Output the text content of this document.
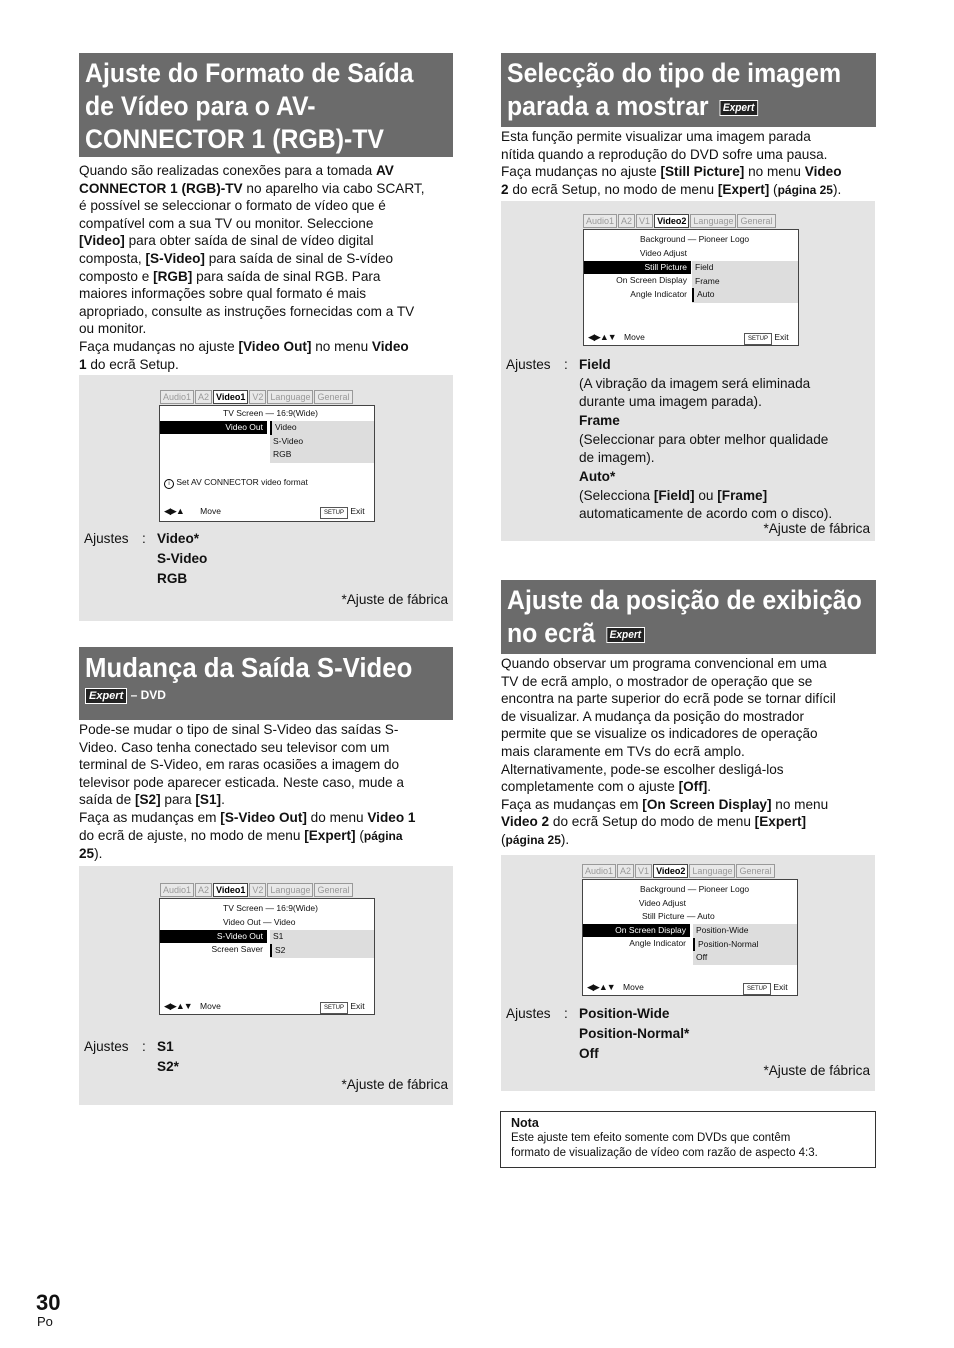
Ajuste do Formato de Saída
de Vídeo para o AV-
CONNECTOR 1 (RGB)-TV
Quando são realizadas conexões para a tomada AV
CONNECTOR 1 (RGB)-TV no aparelho via cabo SCART,
é possível se seleccionar o formato de vídeo que é
compatível com a sua TV ou monitor. Seleccione
[Video] para obter saída de sinal de vídeo digital
composta, [S-Video] para saída de sinal de S-vídeo
composto e [RGB] para saída de sinal RGB. Para
maiores informações sobre qual formato é mais
apropriado, consulte as instruções fornecidas com a TV
ou monitor.
Faça mudanças no ajuste [Video Out] no menu Video
1 do ecrã Setup.
Audio1 A2 Video1 V2 Language General
TV Screen — 16:9(Wide)
Video Out	Video
S-Video
RGB
i Set AV CONNECTOR video format
◀▶▲ Move	SETUP Exit
Ajustes : Video*
S-Video
RGB
*Ajuste de fábrica
Mudança da Saída S-Video
Expert – DVD
Pode-se mudar o tipo de sinal S-Video das saídas S-
Video. Caso tenha conectado seu televisor com um
terminal de S-Video, em raras ocasiões a imagem do
televisor pode aparecer esticada. Neste caso, mude a
saída de [S2] para [S1].
Faça as mudanças em [S-Video Out] do menu Video 1
do ecrã de ajuste, no modo de menu [Expert] (página
25).
Audio1 A2 Video1 V2 Language General
TV Screen — 16:9(Wide)
Video Out — Video
S-Video Out
Screen Saver
S1
S2
◀▶▲▼ Move	SETUP Exit
Ajustes : S1
S2*
*Ajuste de fábrica
Selecção do tipo de imagem
parada a mostrar Expert
Esta função permite visualizar uma imagem parada
nítida quando a reprodução do DVD sofre uma pausa.
Faça mudanças no ajuste [Still Picture] no menu Video
2 do ecrã Setup, no modo de menu [Expert] (página 25).
Audio1 A2 V1 Video2 Language General
Background — Pioneer Logo
Video Adjust
Still Picture
On Screen Display
Angle Indicator
Field
Frame
Auto
◀▶▲▼ Move	SETUP Exit
Ajustes : Field
(A vibração da imagem será eliminada
durante uma imagem parada).
Frame
(Seleccionar para obter melhor qualidade
de imagem).
Auto*
(Selecciona [Field] ou [Frame]
automaticamente de acordo com o disco).
*Ajuste de fábrica
Ajuste da posição de exibição
no ecrã Expert
Quando observar um programa convencional em uma
TV de ecrã amplo, o mostrador de operação que se
encontra na parte superior do ecrã pode se tornar difícil
de visualizar. A mudança da posição do mostrador
permite que se visualize os indicadores de operação
mais claramente em TVs do ecrã amplo.
Alternativamente, pode-se escolher desligá-los
completamente com o ajuste [Off].
Faça as mudanças em [On Screen Display] no menu
Video 2 do ecrã Setup do modo de menu [Expert]
(página 25).
Audio1 A2 V1 Video2 Language General
Background — Pioneer Logo
Video Adjust
Still Picture — Auto
On Screen Display
Angle Indicator
Position-Wide
Position-Normal
Off
◀▶▲▼ Move	SETUP Exit
Ajustes : Position-Wide
Position-Normal*
Off
*Ajuste de fábrica
Nota
Este ajuste tem efeito somente com DVDs que contêm
formato de visualização de vídeo com razão de aspecto 4:3.
30
Po
